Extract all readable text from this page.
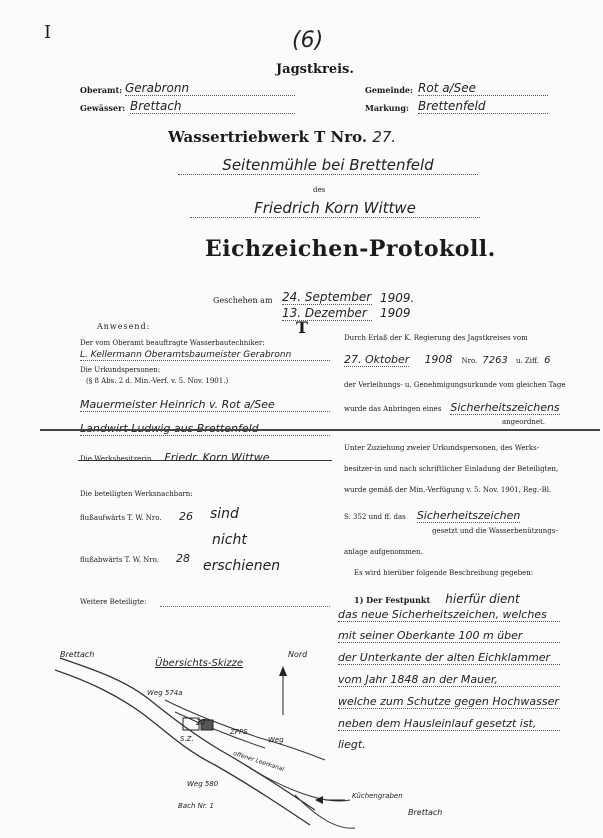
I	(6)
Jagstkreis.
Oberamt: Gerabronn	Gemeinde: Rot a/See
Gewässer: Brettach	Markung: Brettenfeld
Wassertriebwerk T Nro. 27.
Seitenmühle bei Brettenfeld
des
Friedrich Korn Wittwe
Eichzeichen-Protokoll.
Geschehen am 24. September 1909.
13. Dezember	1909
T
Anwesend:
Der vom Oberamt beauftragte Wasserbautechniker:
L. Kellermann Oberamtsbaumeister Gerabronn
Die Urkundspersonen:
(§ 8 Abs. 2 d. Min.-Verf. v. 5. Nov. 1901.)
Mauermeister Heinrich v. Rot a/See
Landwirt Ludwig aus Brettenfeld
Die Werksbesitzerin Friedr. Korn Wittwe
Die beteiligten Werksnachbarn:
flußaufwärts T. W. Nro. 26 sind
nicht
flußabwärts T. W. Nro. 28 erschienen
Weitere Beteiligte:
Durch Erlaß der K. Regierung des Jagstkreises vom
27. Oktober 1908 Nro. 7263 u. Ziff. 6
der Verleihungs- u. Genehmigungsurkunde vom gleichen Tage
wurde das Anbringen eines Sicherheitszeichens
angeordnet.
Unter Zuziehung zweier Urkundspersonen, des Werks-
besitzer-in und nach schriftlicher Einladung der Beteiligten,
wurde gemäß der Min.-Verfügung v. 5. Nov. 1901, Reg.-Bl.
S. 352 und ff. das Sicherheitszeichen
gesetzt und die Wasserbenützungs-
anlage aufgenommen.
Es wird hierüber folgende Beschreibung gegeben:
1) Der Festpunkt hierfür dient
das neue Sicherheitszeichen, welches
mit seiner Oberkante 100 m über
der Unterkante der alten Eichklammer
vom Jahr 1848 an der Mauer,
welche zum Schutze gegen Hochwasser
neben dem Hausleinlauf gesetzt ist,
liegt.
Übersichts-Skizze
Nord
Brettach
Weg 574a
27
S.Z.
ZPPS
Weg
offener Leerkanal
Weg 580
Bach Nr. 1
Küchengraben
Brettach
